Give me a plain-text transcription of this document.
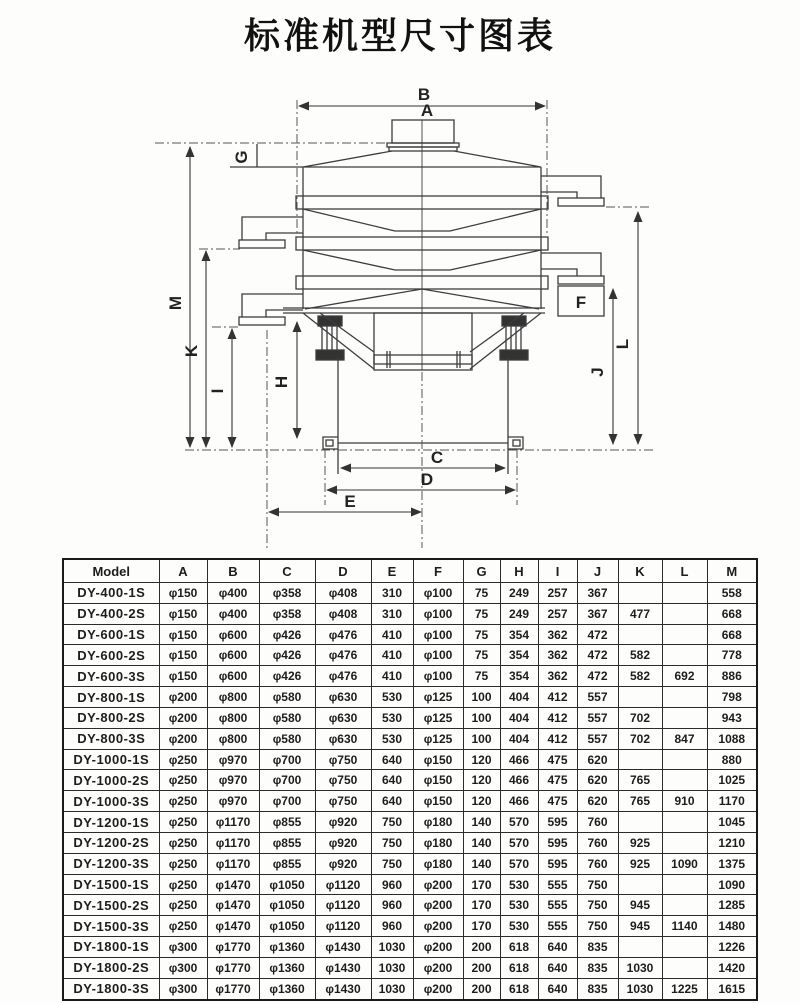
标准机型尺寸图表
A
B
C
D
E
F
G
H
I
J
K
L
M
Model	A	B	C	D	E	F	G	H	I	J	K	L	M
DY-400-1S	φ150	φ400	φ358	φ408	310	φ100	75	249	257	367			558
DY-400-2S	φ150	φ400	φ358	φ408	310	φ100	75	249	257	367	477		668
DY-600-1S	φ150	φ600	φ426	φ476	410	φ100	75	354	362	472			668
DY-600-2S	φ150	φ600	φ426	φ476	410	φ100	75	354	362	472	582		778
DY-600-3S	φ150	φ600	φ426	φ476	410	φ100	75	354	362	472	582	692	886
DY-800-1S	φ200	φ800	φ580	φ630	530	φ125	100	404	412	557			798
DY-800-2S	φ200	φ800	φ580	φ630	530	φ125	100	404	412	557	702		943
DY-800-3S	φ200	φ800	φ580	φ630	530	φ125	100	404	412	557	702	847	1088
DY-1000-1S	φ250	φ970	φ700	φ750	640	φ150	120	466	475	620			880
DY-1000-2S	φ250	φ970	φ700	φ750	640	φ150	120	466	475	620	765		1025
DY-1000-3S	φ250	φ970	φ700	φ750	640	φ150	120	466	475	620	765	910	1170
DY-1200-1S	φ250	φ1170	φ855	φ920	750	φ180	140	570	595	760			1045
DY-1200-2S	φ250	φ1170	φ855	φ920	750	φ180	140	570	595	760	925		1210
DY-1200-3S	φ250	φ1170	φ855	φ920	750	φ180	140	570	595	760	925	1090	1375
DY-1500-1S	φ250	φ1470	φ1050	φ1120	960	φ200	170	530	555	750			1090
DY-1500-2S	φ250	φ1470	φ1050	φ1120	960	φ200	170	530	555	750	945		1285
DY-1500-3S	φ250	φ1470	φ1050	φ1120	960	φ200	170	530	555	750	945	1140	1480
DY-1800-1S	φ300	φ1770	φ1360	φ1430	1030	φ200	200	618	640	835			1226
DY-1800-2S	φ300	φ1770	φ1360	φ1430	1030	φ200	200	618	640	835	1030		1420
DY-1800-3S	φ300	φ1770	φ1360	φ1430	1030	φ200	200	618	640	835	1030	1225	1615
